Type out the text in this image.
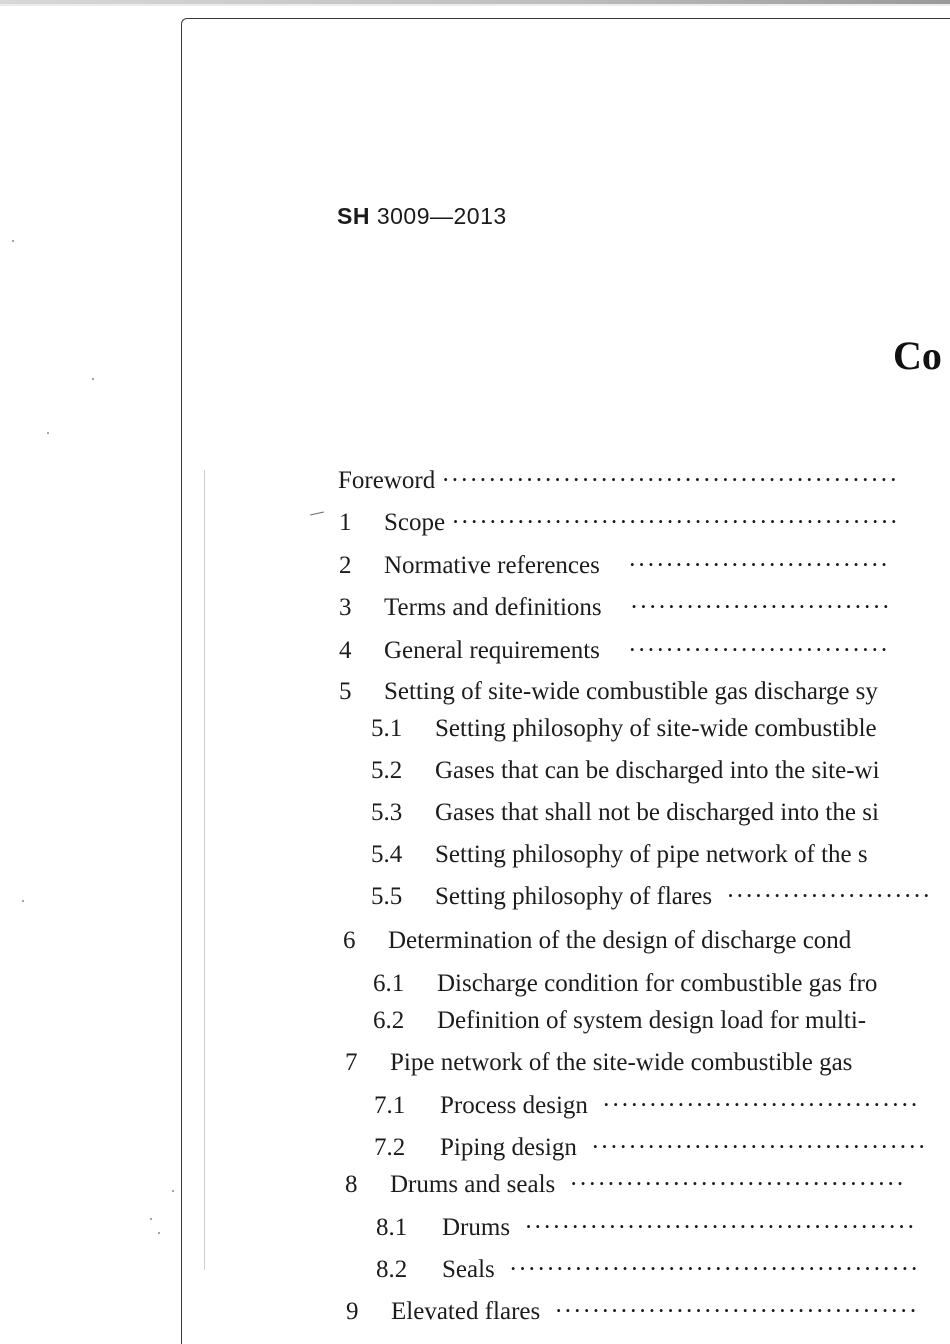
SH 3009—2013
Co
Foreword ·················································
1 Scope ················································
2 Normative references ····························
3 Terms and definitions ····························
4 General requirements ····························
5 Setting of site-wide combustible gas discharge sy
5.1 Setting philosophy of site-wide combustible
5.2 Gases that can be discharged into the site-wi
5.3 Gases that shall not be discharged into the si
5.4 Setting philosophy of pipe network of the s
5.5 Setting philosophy of flares ······················
6 Determination of the design of discharge cond
6.1 Discharge condition for combustible gas fro
6.2 Definition of system design load for multi-
7 Pipe network of the site-wide combustible gas
7.1 Process design ··································
7.2 Piping design ····································
8 Drums and seals ····································
8.1 Drums ··········································
8.2 Seals ············································
9 Elevated flares ·······································
